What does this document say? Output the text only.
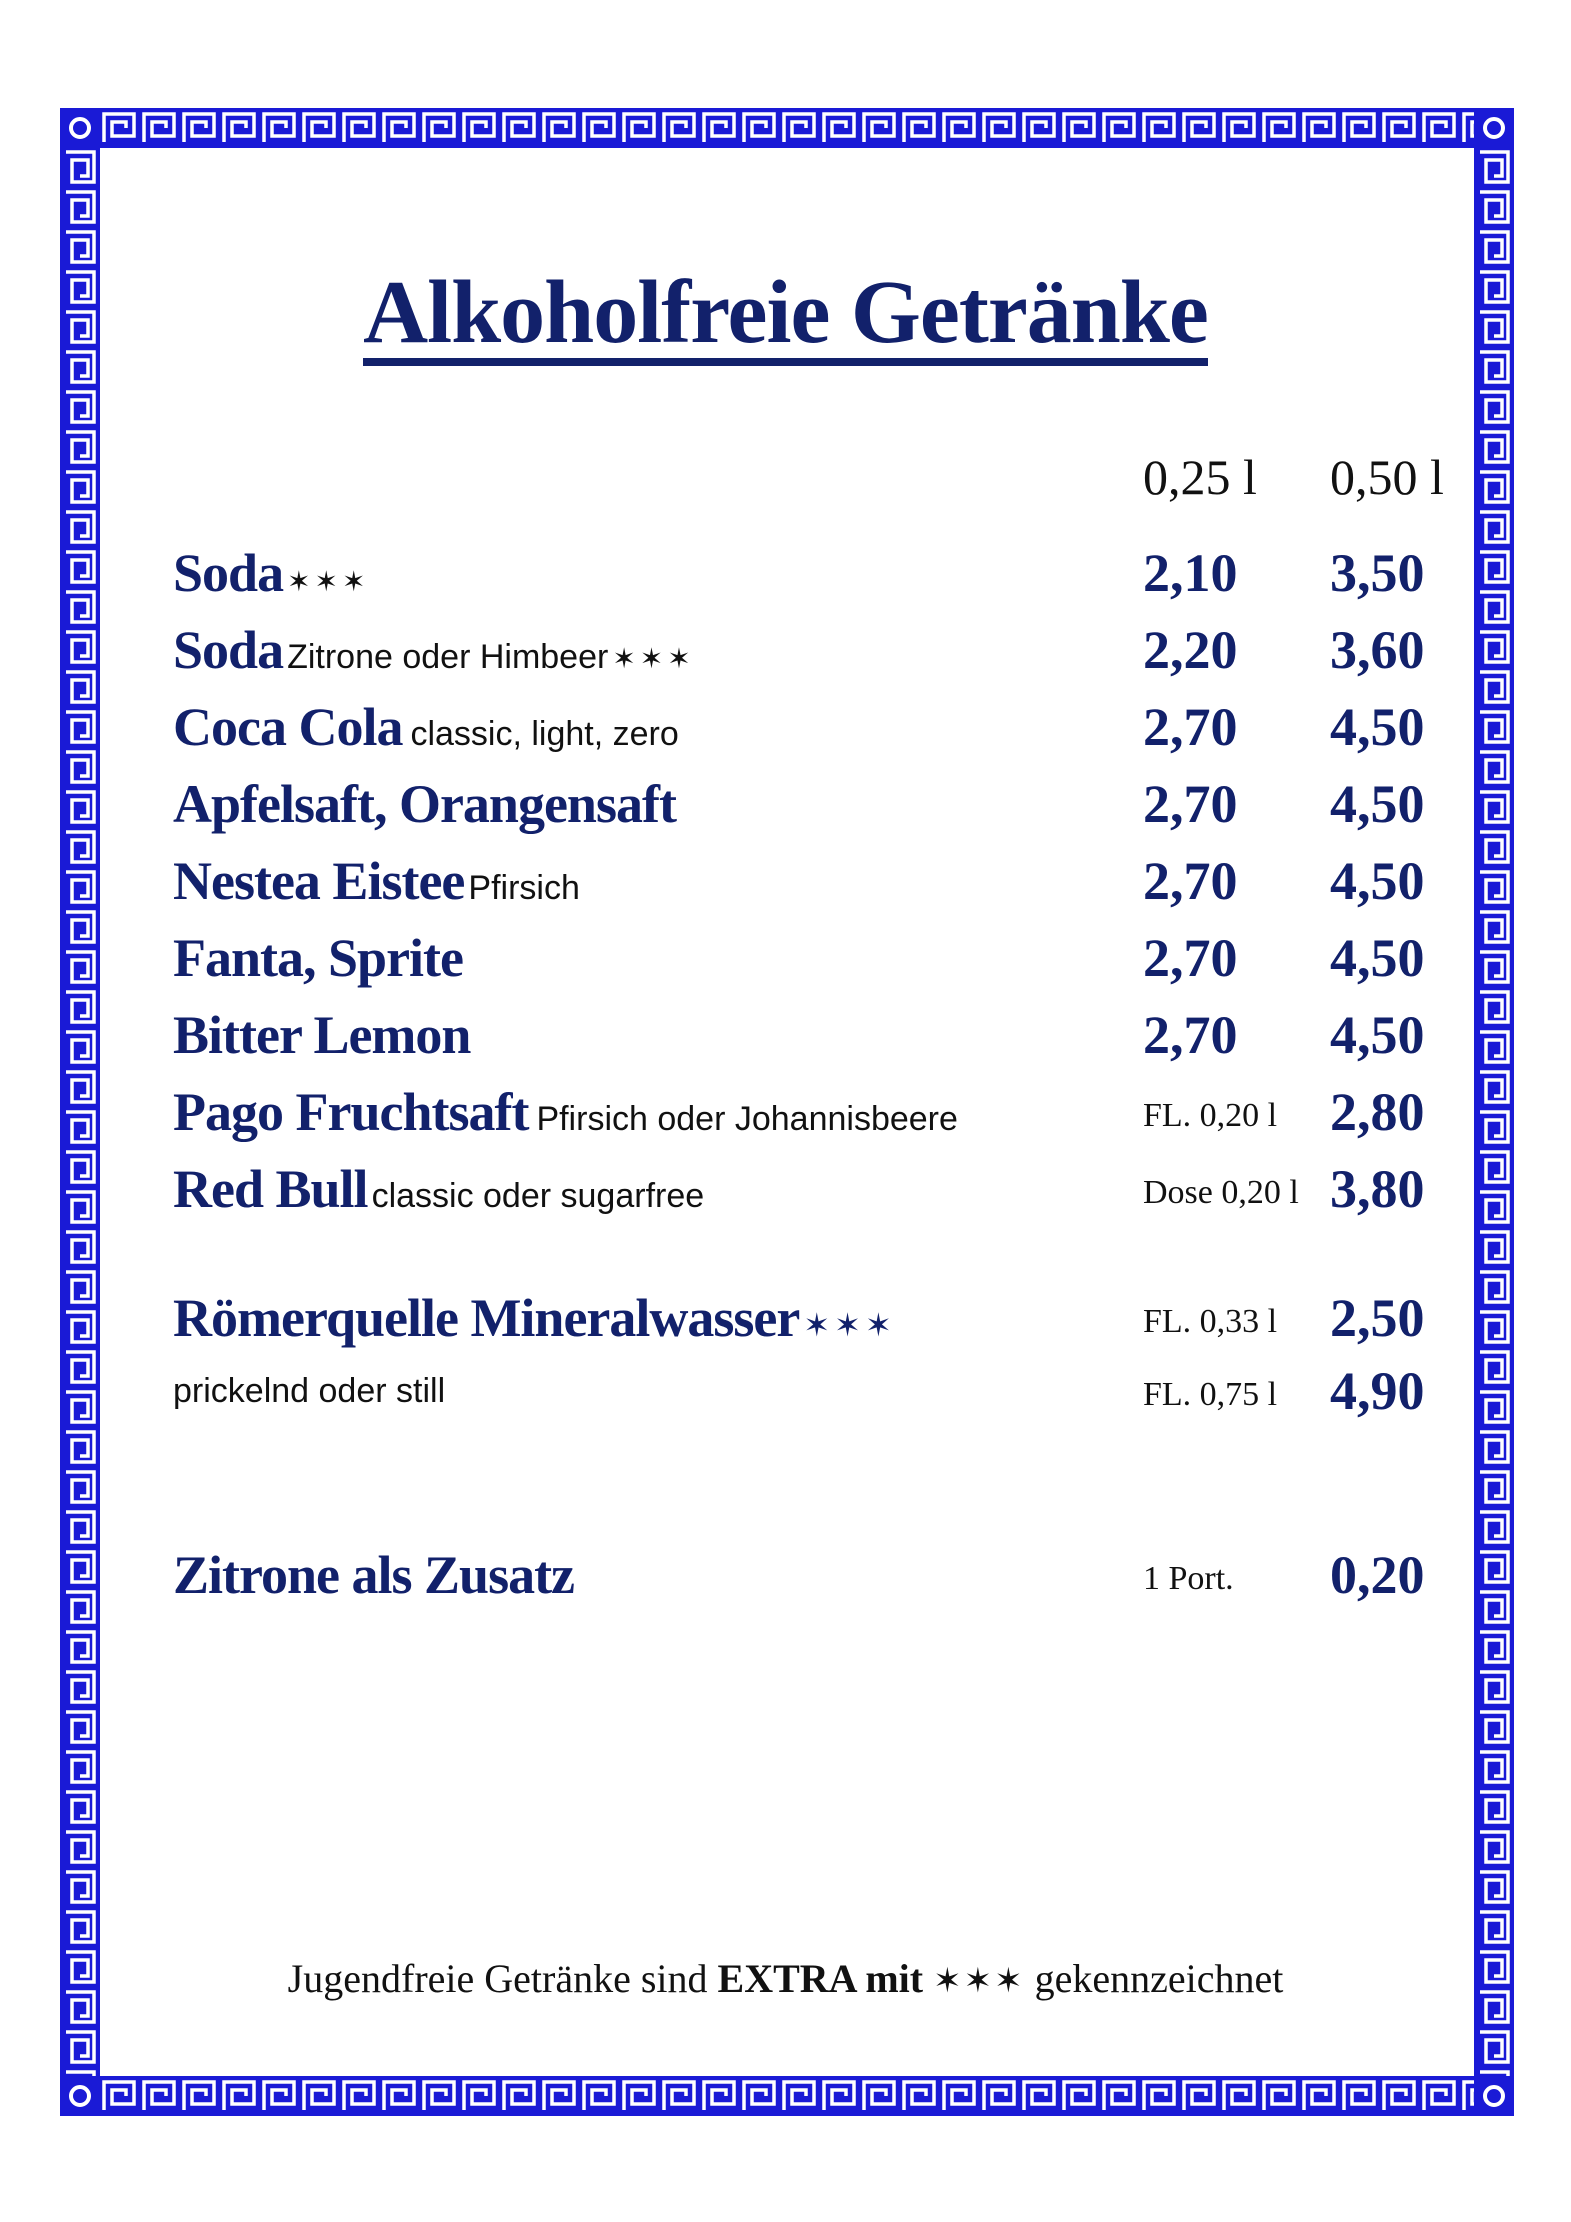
Alkoholfreie Getränke
0,25 l 0,50 l
Soda ✶✶✶	2,10 3,50
Soda Zitrone oder Himbeer ✶✶✶	2,20 3,60
Coca Cola classic, light, zero	2,70 4,50
Apfelsaft, Orangensaft	2,70 4,50
Nestea Eistee Pfirsich	2,70 4,50
Fanta, Sprite	2,70 4,50
Bitter Lemon	2,70 4,50
Pago Fruchtsaft Pfirsich oder Johannisbeere	FL. 0,20 l 2,80
Red Bull classic oder sugarfree	Dose 0,20 l 3,80
Römerquelle Mineralwasser ✶✶✶	FL. 0,33 l 2,50
prickelnd oder still	FL. 0,75 l 4,90
Zitrone als Zusatz	1 Port. 0,20
Jugendfreie Getränke sind EXTRA mit ✶✶✶ gekennzeichnet
